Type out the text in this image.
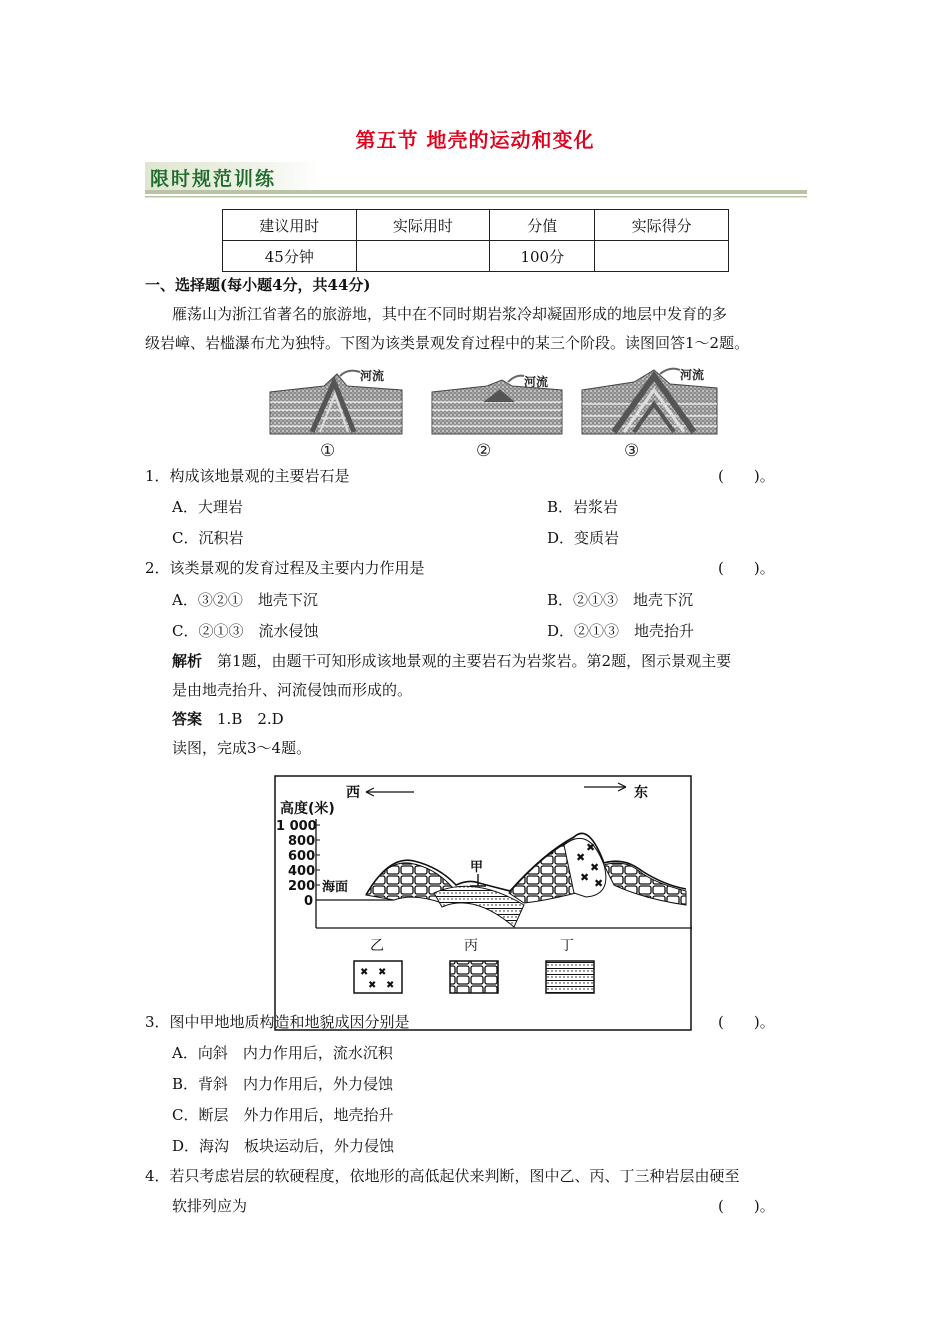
第五节 地壳的运动和变化
限时规范训练
建议用时	实际用时	分值	实际得分
45分钟		100分	
一、选择题(每小题4分，共44分)
雁荡山为浙江省著名的旅游地，其中在不同时期岩浆冷却凝固形成的地层中发育的多
级岩嶂、岩槛瀑布尤为独特。下图为该类景观发育过程中的某三个阶段。读图回答1～2题。
河流
①
河流
②
河流
③
1．构成该地景观的主要岩石是	(　　)。
A．大理岩	B．岩浆岩
C．沉积岩	D．变质岩
2．该类景观的发育过程及主要内力作用是	(　　)。
A．③②①　地壳下沉	B．②①③　地壳下沉
C．②①③　流水侵蚀	D．②①③　地壳抬升
解析　第1题，由题干可知形成该地景观的主要岩石为岩浆岩。第2题，图示景观主要
是由地壳抬升、河流侵蚀而形成的。
答案　1.B　2.D
读图，完成3～4题。
西	东
高度(米)
1 000
800
600
400
200
0
海面
✖
✖
✖ ✖
✖
甲
乙	丙	丁
✖ ✖
✖ ✖
3．图中甲地地质构造和地貌成因分别是	(　　)。
A．向斜　内力作用后，流水沉积
B．背斜　内力作用后，外力侵蚀
C．断层　外力作用后，地壳抬升
D．海沟　板块运动后，外力侵蚀
4．若只考虑岩层的软硬程度，依地形的高低起伏来判断，图中乙、丙、丁三种岩层由硬至
软排列应为	(　　)。
